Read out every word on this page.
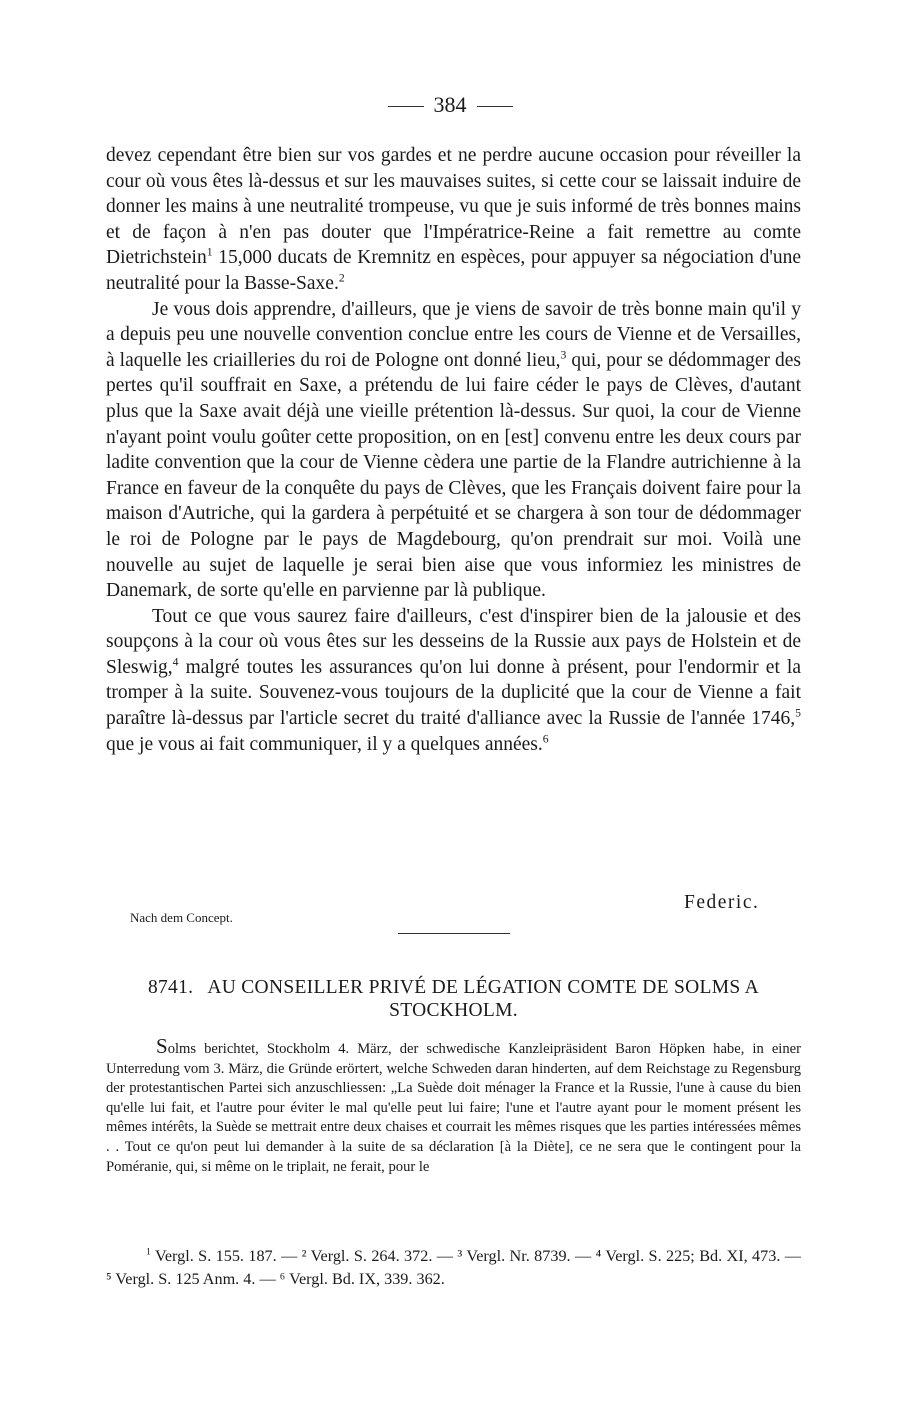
384

devez cependant être bien sur vos gardes et ne perdre aucune occasion pour réveiller la cour où vous êtes là-dessus et sur les mauvaises suites, si cette cour se laissait induire de donner les mains à une neutralité trompeuse, vu que je suis informé de très bonnes mains et de façon à n'en pas douter que l'Impératrice-Reine a fait remettre au comte Dietrichstein$^1$ 15,000 ducats de Kremnitz en espèces, pour appuyer sa négociation d'une neutralité pour la Basse-Saxe.$^2$

Je vous dois apprendre, d'ailleurs, que je viens de savoir de très bonne main qu'il y a depuis peu une nouvelle convention conclue entre les cours de Vienne et de Versailles, à laquelle les criailleries du roi de Pologne ont donné lieu,$^3$ qui, pour se dédommager des pertes qu'il souffrait en Saxe, a prétendu de lui faire céder le pays de Clèves, d'autant plus que la Saxe avait déjà une vieille prétention là-dessus. Sur quoi, la cour de Vienne n'ayant point voulu goûter cette proposition, on en [est] convenu entre les deux cours par ladite convention que la cour de Vienne cèdera une partie de la Flandre autrichienne à la France en faveur de la conquête du pays de Clèves, que les Français doivent faire pour la maison d'Autriche, qui la gardera à perpétuité et se chargera à son tour de dédommager le roi de Pologne par le pays de Magdebourg, qu'on prendrait sur moi. Voilà une nouvelle au sujet de laquelle je serai bien aise que vous informiez les ministres de Danemark, de sorte qu'elle en parvienne par là publique.

Tout ce que vous saurez faire d'ailleurs, c'est d'inspirer bien de la jalousie et des soupçons à la cour où vous êtes sur les desseins de la Russie aux pays de Holstein et de Sleswig,$^4$ malgré toutes les assurances qu'on lui donne à présent, pour l'endormir et la tromper à la suite. Souvenez-vous toujours de la duplicité que la cour de Vienne a fait paraître là-dessus par l'article secret du traité d'alliance avec la Russie de l'année 1746,$^5$ que je vous ai fait communiquer, il y a quelques années.$^6$

Federic.
Nach dem Concept.
8741. AU CONSEILLER PRIVÉ DE LÉGATION COMTE DE SOLMS A STOCKHOLM.
Solms berichtet, Stockholm 4. März, der schwedische Kanzleipräsident Baron Höpken habe, in einer Unterredung vom 3. März, die Gründe erörtert, welche Schweden daran hinderten, auf dem Reichstage zu Regensburg der protestantischen Partei sich anzuschliessen: „La Suède doit ménager la France et la Russie, l'une à cause du bien qu'elle lui fait, et l'autre pour éviter le mal qu'elle peut lui faire; l'une et l'autre ayant pour le moment présent les mêmes intérêts, la Suède se mettrait entre deux chaises et courrait les mêmes risques que les parties intéressées mêmes . . Tout ce qu'on peut lui demander à la suite de sa déclaration [à la Diète], ce ne sera que le contingent pour la Poméranie, qui, si même on le triplait, ne ferait, pour le
$^1$ Vergl. S. 155. 187. — ² Vergl. S. 264. 372. — ³ Vergl. Nr. 8739. — ⁴ Vergl. S. 225; Bd. XI, 473. — ⁵ Vergl. S. 125 Anm. 4. — ⁶ Vergl. Bd. IX, 339. 362.
